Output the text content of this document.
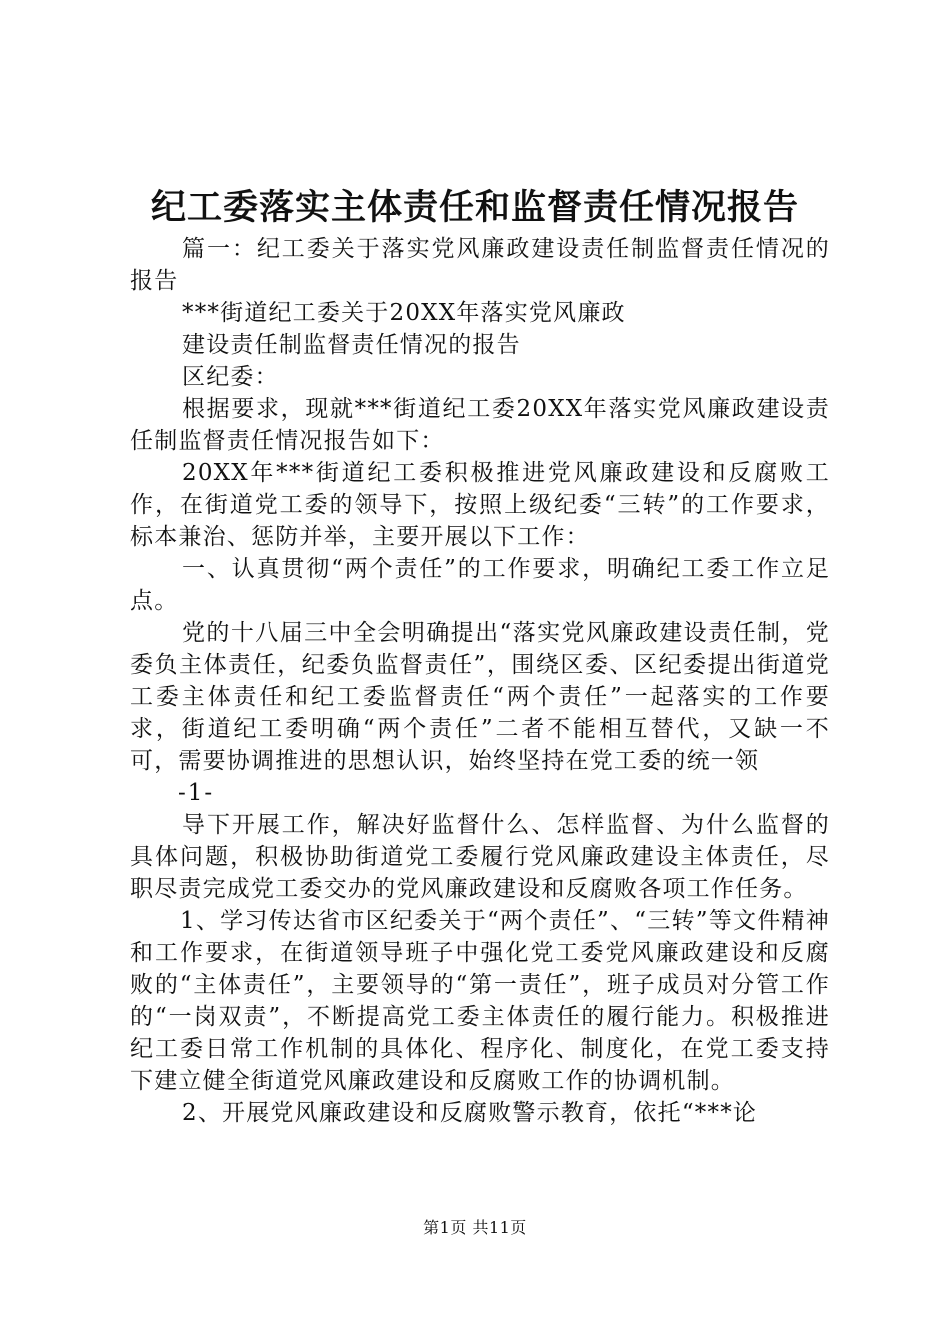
纪工委落实主体责任和监督责任情况报告

篇一：纪工委关于落实党风廉政建设责任制监督责任情况的报告

***街道纪工委关于20XX年落实党风廉政

建设责任制监督责任情况的报告

区纪委：

根据要求，现就***街道纪工委20XX年落实党风廉政建设责任制监督责任情况报告如下：

20XX年***街道纪工委积极推进党风廉政建设和反腐败工作，在街道党工委的领导下，按照上级纪委“三转”的工作要求，标本兼治、惩防并举，主要开展以下工作：

一、认真贯彻“两个责任”的工作要求，明确纪工委工作立足点。

党的十八届三中全会明确提出“落实党风廉政建设责任制，党委负主体责任，纪委负监督责任”，围绕区委、区纪委提出街道党工委主体责任和纪工委监督责任“两个责任”一起落实的工作要求，街道纪工委明确“两个责任”二者不能相互替代，又缺一不可，需要协调推进的思想认识，始终坚持在党工委的统一领

-1-

导下开展工作，解决好监督什么、怎样监督、为什么监督的具体问题，积极协助街道党工委履行党风廉政建设主体责任，尽职尽责完成党工委交办的党风廉政建设和反腐败各项工作任务。

1、学习传达省市区纪委关于“两个责任”、“三转”等文件精神和工作要求，在街道领导班子中强化党工委党风廉政建设和反腐败的“主体责任”，主要领导的“第一责任”，班子成员对分管工作的“一岗双责”，不断提高党工委主体责任的履行能力。积极推进纪工委日常工作机制的具体化、程序化、制度化，在党工委支持下建立健全街道党风廉政建设和反腐败工作的协调机制。

2、开展党风廉政建设和反腐败警示教育，依托“***论

第1页 共11页
